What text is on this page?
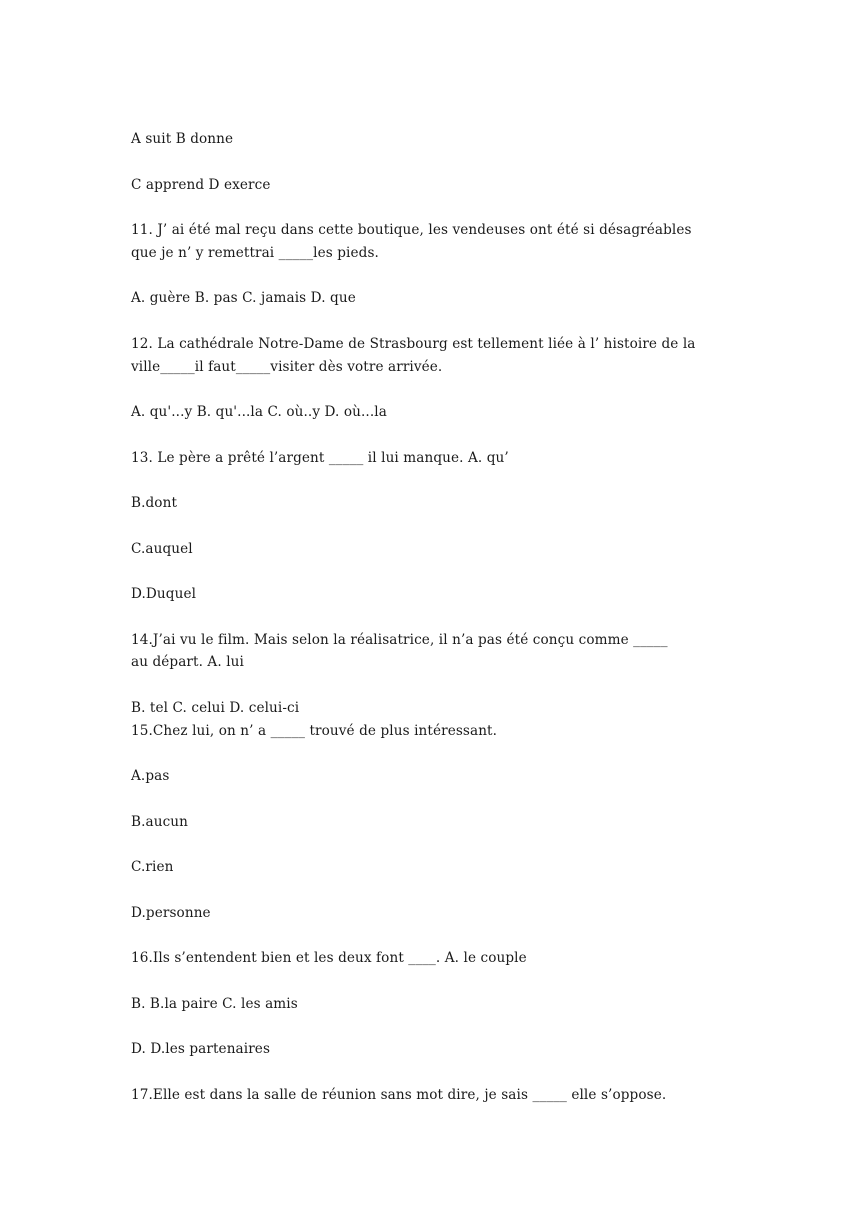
A suit B donne
C apprend D exerce
11. J’ ai été mal reçu dans cette boutique, les vendeuses ont été si désagréables
que je n’ y remettrai _____les pieds.
A. guère B. pas C. jamais D. que
12. La cathédrale Notre-Dame de Strasbourg est tellement liée à l’ histoire de la
ville_____il faut_____visiter dès votre arrivée.
A. qu'...y B. qu'...la C. où..y D. où...la
13. Le père a prêté l’argent _____ il lui manque. A. qu’
B.dont
C.auquel
D.Duquel
14.J’ai vu le film. Mais selon la réalisatrice, il n’a pas été conçu comme _____
au départ. A. lui
B. tel C. celui D. celui-ci
15.Chez lui, on n’ a _____ trouvé de plus intéressant.
A.pas
B.aucun
C.rien
D.personne
16.Ils s’entendent bien et les deux font ____. A. le couple
B. B.la paire C. les amis
D. D.les partenaires
17.Elle est dans la salle de réunion sans mot dire, je sais _____ elle s’oppose.
